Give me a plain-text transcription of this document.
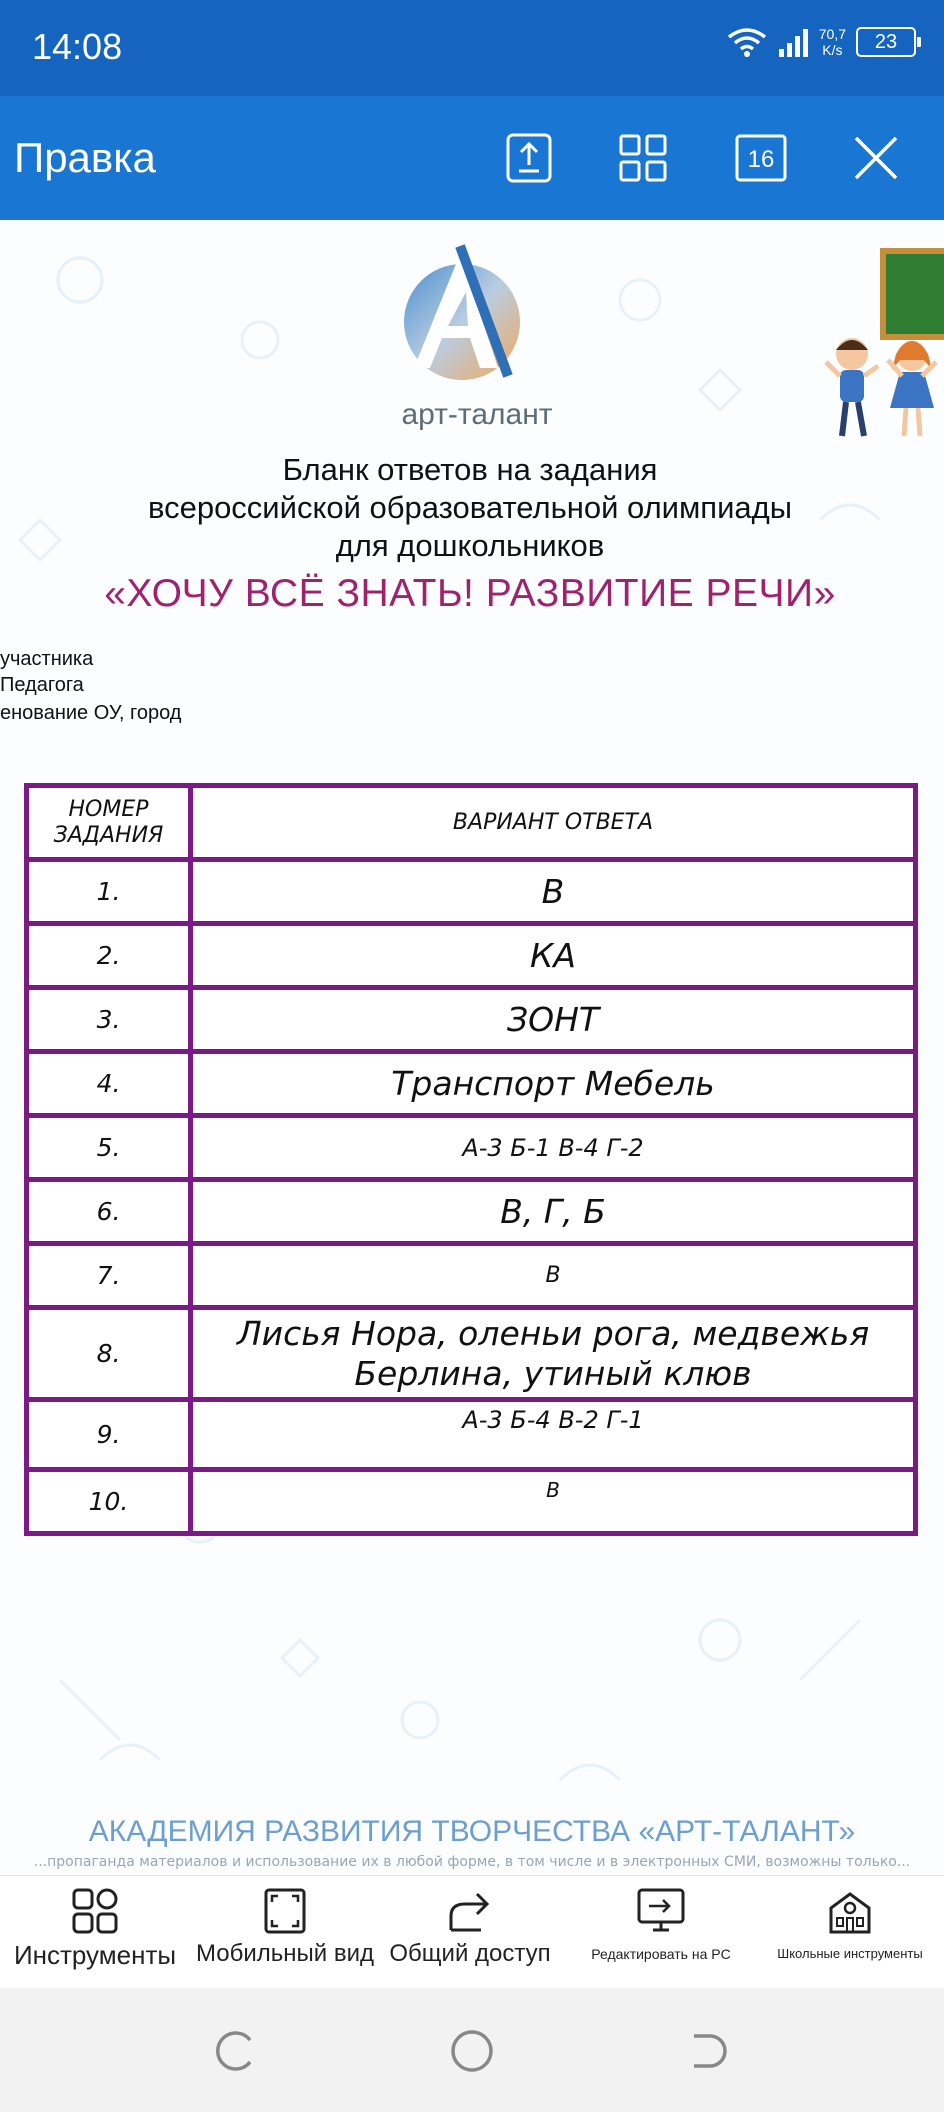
14:08	70,7
K/s	23
Правка	16
арт-талант
Бланк ответов на задания
всероссийской образовательной олимпиады
для дошкольников
«ХОЧУ ВСЁ ЗНАТЬ! РАЗВИТИЕ РЕЧИ»
участника
Педагога
енование ОУ, город
НОМЕР
ЗАДАНИЯ	ВАРИАНТ ОТВЕТА
1.	В
2.	КА
3.	ЗОНТ
4.	Транспорт Мебель
5.	А-3 Б-1 В-4 Г-2
6.	В, Г, Б
7.	В
8.	Лисья Нора, оленьи рога, медвежья
Берлина, утиный клюв

9.	А-3 Б-4 В-2 Г-1
10.	В
АКАДЕМИЯ РАЗВИТИЯ ТВОРЧЕСТВА «АРТ-ТАЛАНТ»
...пропаганда материалов и использование их в любой форме, в том числе и в электронных СМИ, возможны только...
Инструменты Мобильный вид Общий доступ	Редактировать на PC	Школьные инструменты
